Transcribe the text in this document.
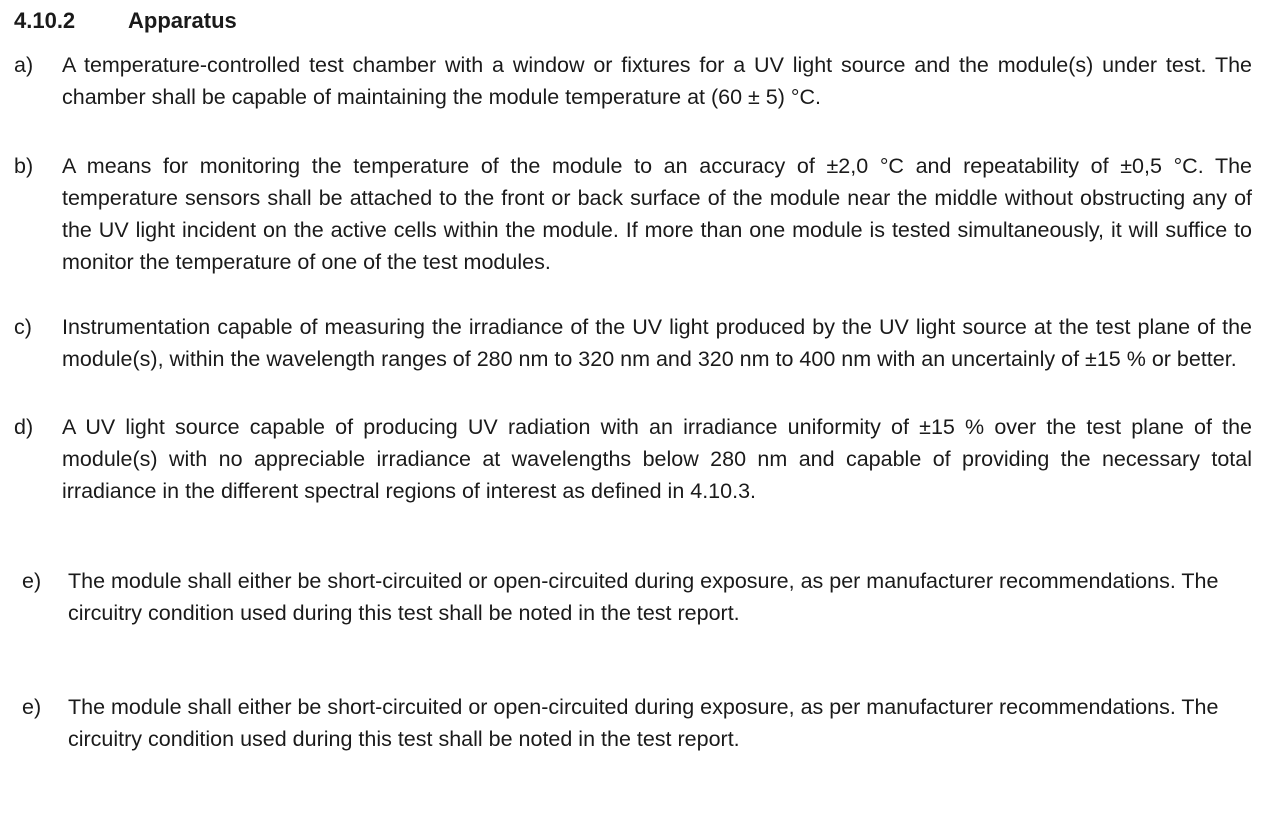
4.10.2 Apparatus
a) A temperature-controlled test chamber with a window or fixtures for a UV light source and the module(s) under test. The chamber shall be capable of maintaining the module temperature at (60 ± 5) °C.
b) A means for monitoring the temperature of the module to an accuracy of ±2,0 °C and repeatability of ±0,5 °C. The temperature sensors shall be attached to the front or back surface of the module near the middle without obstructing any of the UV light incident on the active cells within the module. If more than one module is tested simultaneously, it will suffice to monitor the temperature of one of the test modules.
c) Instrumentation capable of measuring the irradiance of the UV light produced by the UV light source at the test plane of the module(s), within the wavelength ranges of 280 nm to 320 nm and 320 nm to 400 nm with an uncertainly of ±15 % or better.
d) A UV light source capable of producing UV radiation with an irradiance uniformity of ±15 % over the test plane of the module(s) with no appreciable irradiance at wavelengths below 280 nm and capable of providing the necessary total irradiance in the different spectral regions of interest as defined in 4.10.3.
e) The module shall either be short-circuited or open-circuited during exposure, as per manufacturer recommendations. The circuitry condition used during this test shall be noted in the test report.
e) The module shall either be short-circuited or open-circuited during exposure, as per manufacturer recommendations. The circuitry condition used during this test shall be noted in the test report.
